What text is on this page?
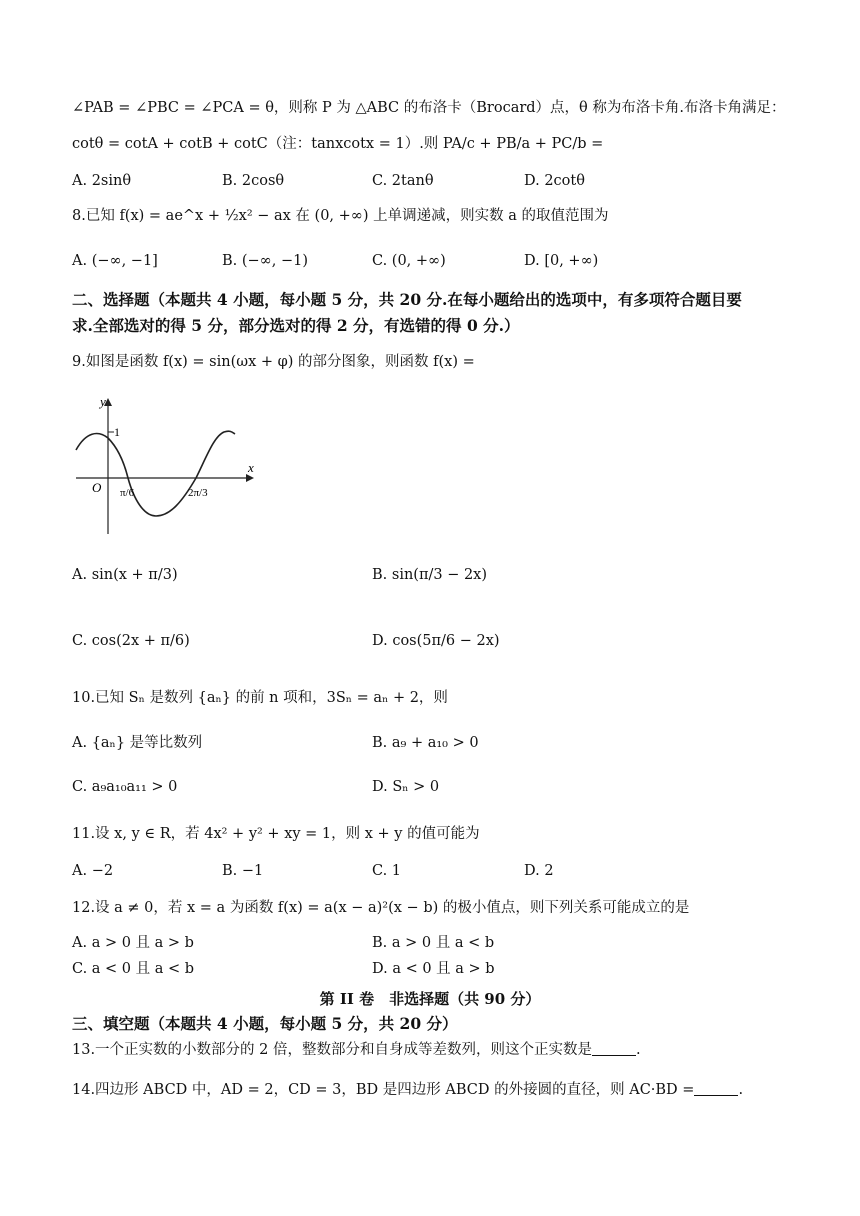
∠PAB = ∠PBC = ∠PCA = θ，则称 P 为 △ABC 的布洛卡（Brocard）点，θ 称为布洛卡角.布洛卡角满足：
cotθ = cotA + cotB + cotC（注：tanxcotx = 1）.则 PA/c + PB/a + PC/b =
A. 2sinθ	B. 2cosθ	C. 2tanθ	D. 2cotθ
8.已知 f(x) = ae^x + ½x² − ax 在 (0, +∞) 上单调递减，则实数 a 的取值范围为
A. (−∞, −1]	B. (−∞, −1)	C. (0, +∞)	D. [0, +∞)
二、选择题（本题共 4 小题，每小题 5 分，共 20 分.在每小题给出的选项中，有多项符合题目要
求.全部选对的得 5 分，部分选对的得 2 分，有选错的得 0 分.）
9.如图是函数 f(x) = sin(ωx + φ) 的部分图象，则函数 f(x) =
y
x
1
O π/6	2π/3
A. sin(x + π/3)	B. sin(π/3 − 2x)
C. cos(2x + π/6)	D. cos(5π/6 − 2x)
10.已知 Sₙ 是数列 {aₙ} 的前 n 项和，3Sₙ = aₙ + 2，则
A. {aₙ} 是等比数列	B. a₉ + a₁₀ > 0
C. a₉a₁₀a₁₁ > 0	D. Sₙ > 0
11.设 x, y ∈ R，若 4x² + y² + xy = 1，则 x + y 的值可能为
A. −2	B. −1	C. 1	D. 2
12.设 a ≠ 0，若 x = a 为函数 f(x) = a(x − a)²(x − b) 的极小值点，则下列关系可能成立的是
A. a > 0 且 a > b	B. a > 0 且 a < b
C. a < 0 且 a < b	D. a < 0 且 a > b
第 II 卷　非选择题（共 90 分）
三、填空题（本题共 4 小题，每小题 5 分，共 20 分）
13.一个正实数的小数部分的 2 倍，整数部分和自身成等差数列，则这个正实数是	.
14.四边形 ABCD 中，AD = 2，CD = 3，BD 是四边形 ABCD 的外接圆的直径，则 AC·BD =	.
